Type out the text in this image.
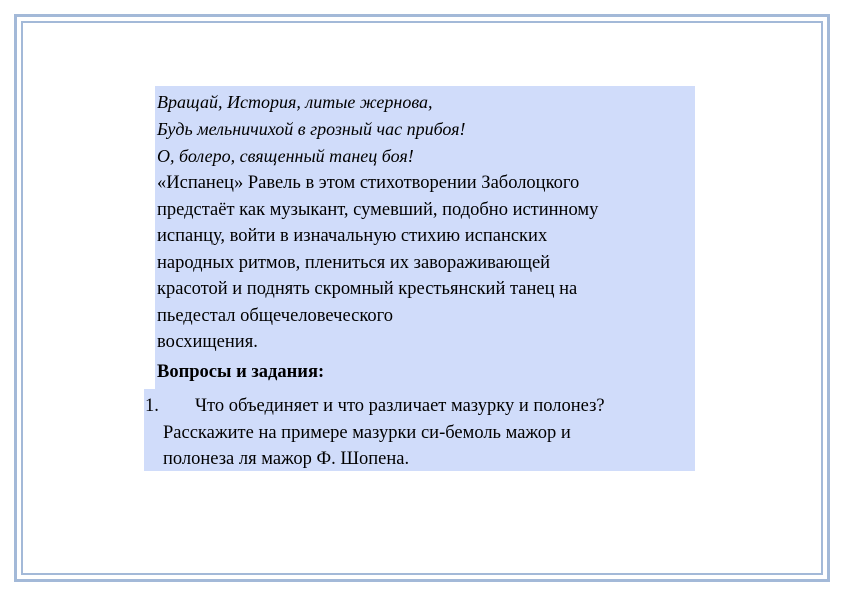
Вращай, История, литые жернова,
Будь мельничихой в грозный час прибоя!
О, болеро, священный танец боя!
«Испанец» Равель в этом стихотворении Заболоцкого
предстаёт как музыкант, сумевший, подобно истинному
испанцу, войти в изначальную стихию испанских
народных ритмов, плениться их завораживающей
красотой и поднять скромный крестьянский танец на
пьедестал общечеловеческого
восхищения.
Вопросы и задания:
1. Что объединяет и что различает мазурку и полонез?
Расскажите на примере мазурки си-бемоль мажор и
полонеза ля мажор Ф. Шопена.
